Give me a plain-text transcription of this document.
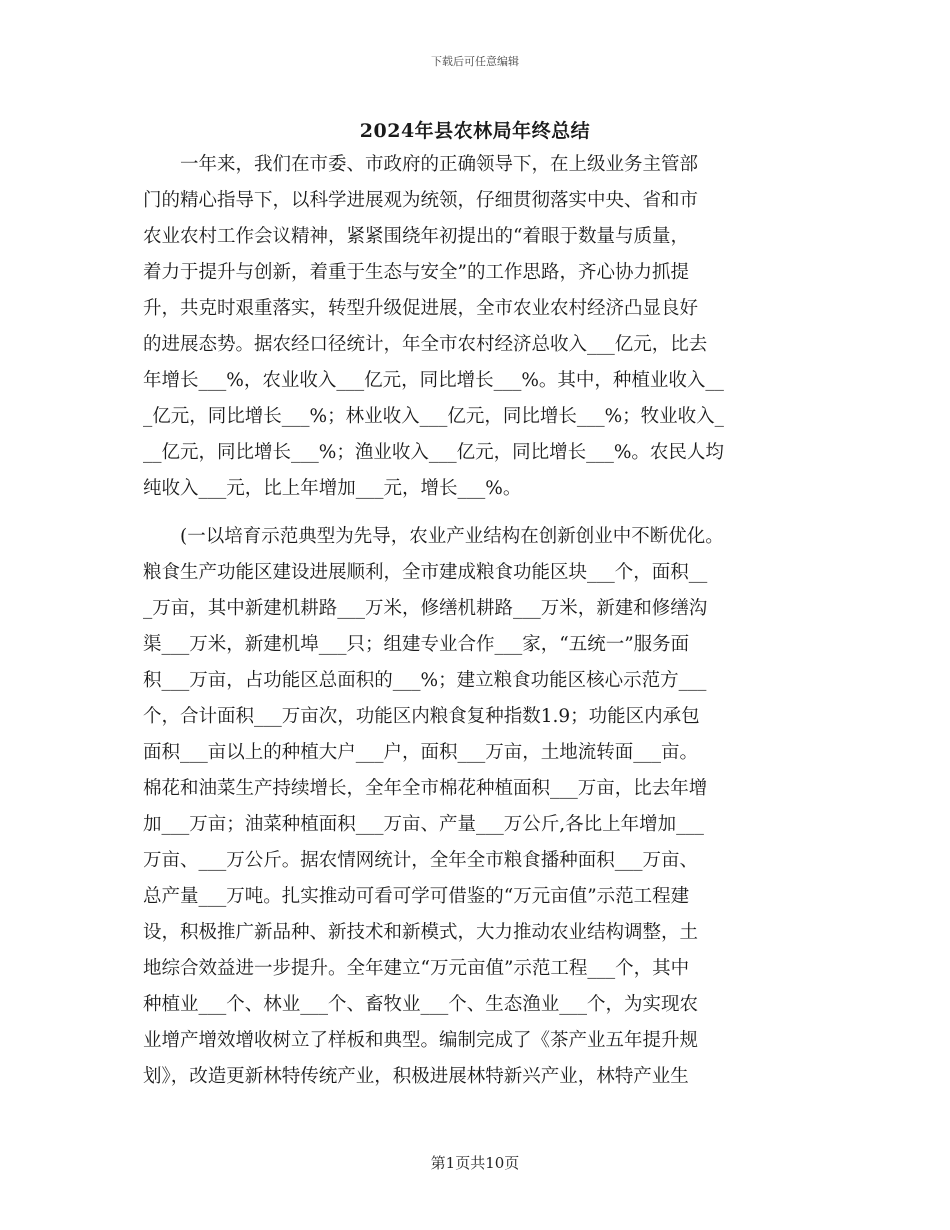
下载后可任意编辑
2024年县农林局年终总结
　　一年来，我们在市委、市政府的正确领导下，在上级业务主管部
门的精心指导下，以科学进展观为统领，仔细贯彻落实中央、省和市
农业农村工作会议精神，紧紧围绕年初提出的“着眼于数量与质量，
着力于提升与创新，着重于生态与安全”的工作思路，齐心协力抓提
升，共克时艰重落实，转型升级促进展，全市农业农村经济凸显良好
的进展态势。据农经口径统计，年全市农村经济总收入___亿元，比去
年增长___%，农业收入___亿元，同比增长___%。其中，种植业收入__
_亿元，同比增长___%；林业收入___亿元，同比增长___%；牧业收入_
__亿元，同比增长___%；渔业收入___亿元，同比增长___%。农民人均
纯收入___元，比上年增加___元，增长___%。
　　(一以培育示范典型为先导，农业产业结构在创新创业中不断优化。
粮食生产功能区建设进展顺利，全市建成粮食功能区块___个，面积__
_万亩，其中新建机耕路___万米，修缮机耕路___万米，新建和修缮沟
渠___万米，新建机埠___只；组建专业合作___家，“五统一”服务面
积___万亩，占功能区总面积的___%；建立粮食功能区核心示范方___
个，合计面积___万亩次，功能区内粮食复种指数1.9；功能区内承包
面积___亩以上的种植大户___户，面积___万亩，土地流转面___亩。
棉花和油菜生产持续增长，全年全市棉花种植面积___万亩，比去年增
加___万亩；油菜种植面积___万亩、产量___万公斤,各比上年增加___
万亩、___万公斤。据农情网统计，全年全市粮食播种面积___万亩、
总产量___万吨。扎实推动可看可学可借鉴的“万元亩值”示范工程建
设，积极推广新品种、新技术和新模式，大力推动农业结构调整，土
地综合效益进一步提升。全年建立“万元亩值”示范工程___个，其中
种植业___个、林业___个、畜牧业___个、生态渔业___个，为实现农
业增产增效增收树立了样板和典型。编制完成了《茶产业五年提升规
划》，改造更新林特传统产业，积极进展林特新兴产业，林特产业生
第1页共10页
